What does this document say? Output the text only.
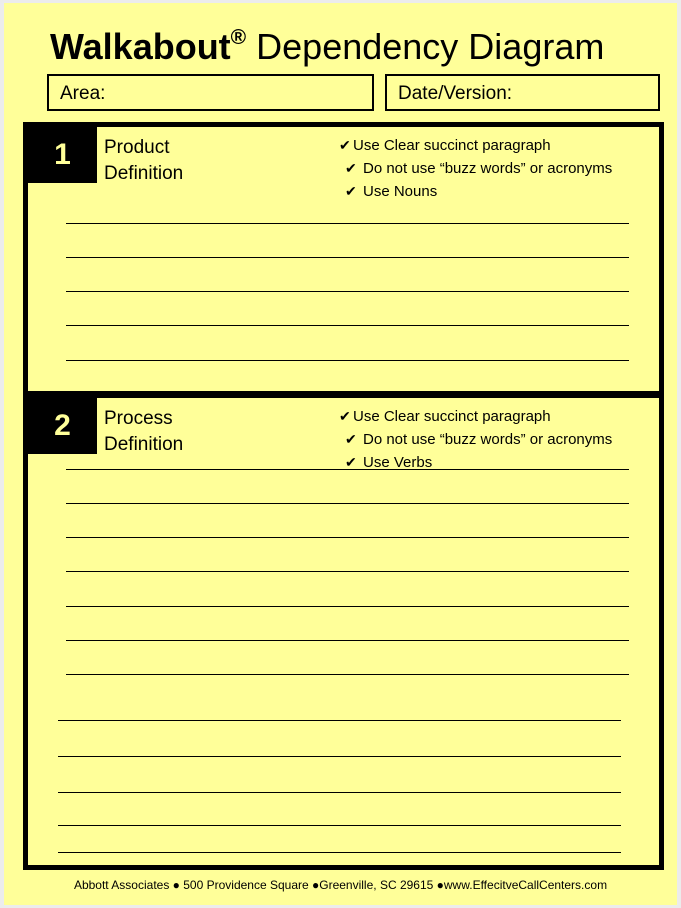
Walkabout® Dependency Diagram
Area:	Date/Version:
1	Product
Definition
✔ Use Clear succinct paragraph
✔ Do not use “buzz words” or acronyms
✔ Use Nouns
2	Process
Definition
✔ Use Clear succinct paragraph
✔ Do not use “buzz words” or acronyms
✔ Use Verbs
Abbott Associates ● 500 Providence Square ●Greenville, SC 29615 ●www.EffecitveCallCenters.com
